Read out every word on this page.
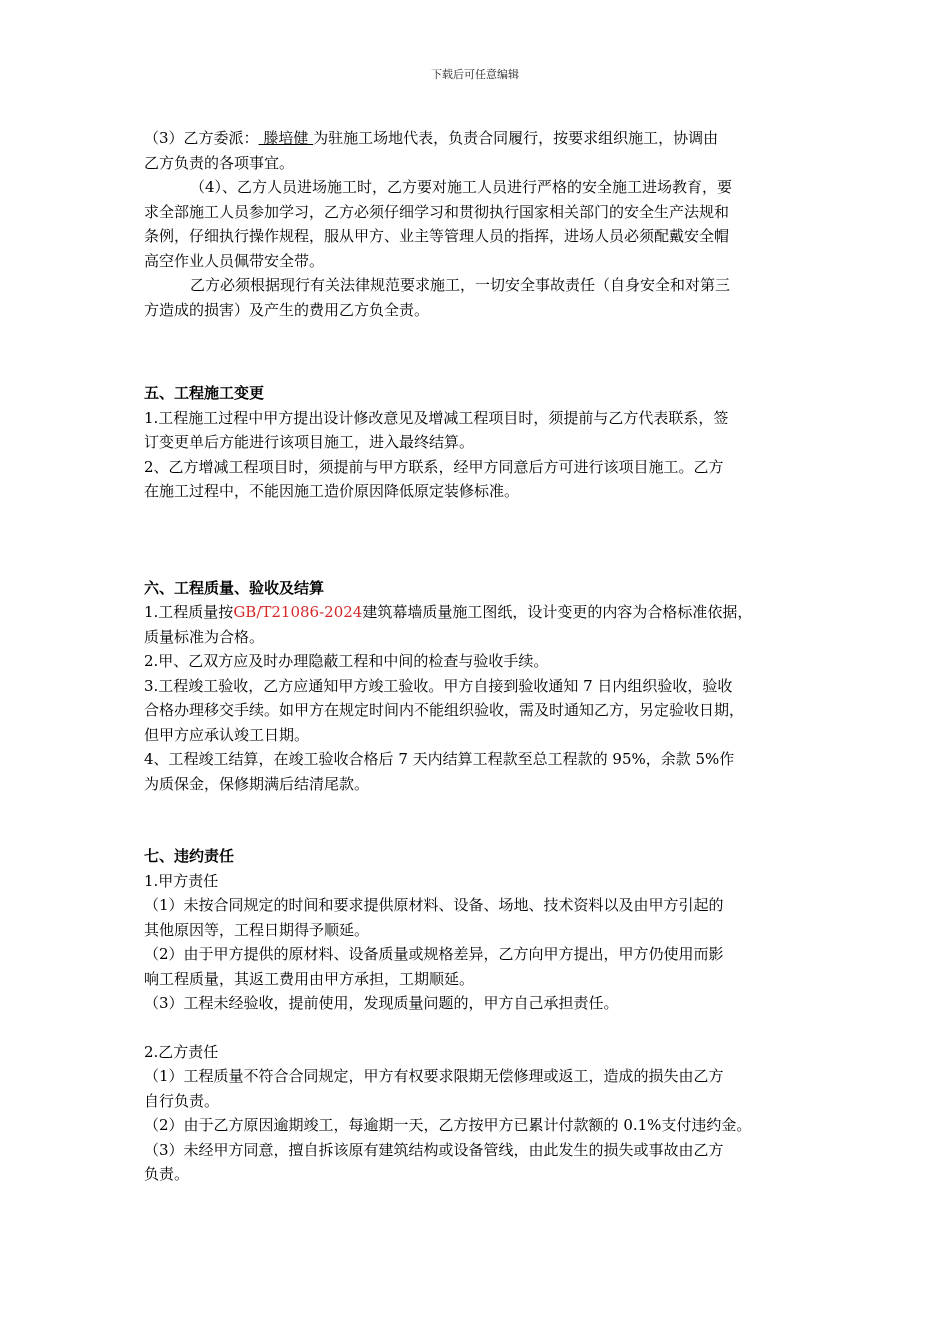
下载后可任意编辑
（3）乙方委派： 滕培健 为驻施工场地代表，负责合同履行，按要求组织施工，协调由
乙方负责的各项事宜。
（4）、乙方人员进场施工时，乙方要对施工人员进行严格的安全施工进场教育，要
求全部施工人员参加学习，乙方必须仔细学习和贯彻执行国家相关部门的安全生产法规和
条例，仔细执行操作规程，服从甲方、业主等管理人员的指挥，进场人员必须配戴安全帽
高空作业人员佩带安全带。
乙方必须根据现行有关法律规范要求施工，一切安全事故责任（自身安全和对第三
方造成的损害）及产生的费用乙方负全责。
五、工程施工变更
1.工程施工过程中甲方提出设计修改意见及增减工程项目时，须提前与乙方代表联系，签
订变更单后方能进行该项目施工，进入最终结算。
2、乙方增减工程项目时，须提前与甲方联系，经甲方同意后方可进行该项目施工。乙方
在施工过程中，不能因施工造价原因降低原定装修标准。
六、工程质量、验收及结算
1.工程质量按GB/T21086-2024建筑幕墙质量施工图纸，设计变更的内容为合格标准依据，
质量标准为合格。
2.甲、乙双方应及时办理隐蔽工程和中间的检查与验收手续。
3.工程竣工验收，乙方应通知甲方竣工验收。甲方自接到验收通知 7 日内组织验收，验收
合格办理移交手续。如甲方在规定时间内不能组织验收，需及时通知乙方，另定验收日期，
但甲方应承认竣工日期。
4、工程竣工结算，在竣工验收合格后 7 天内结算工程款至总工程款的 95%，余款 5%作
为质保金，保修期满后结清尾款。
七、违约责任
1.甲方责任
（1）未按合同规定的时间和要求提供原材料、设备、场地、技术资料以及由甲方引起的
其他原因等，工程日期得予顺延。
（2）由于甲方提供的原材料、设备质量或规格差异，乙方向甲方提出，甲方仍使用而影
响工程质量，其返工费用由甲方承担，工期顺延。
（3）工程未经验收，提前使用，发现质量问题的，甲方自己承担责任。
2.乙方责任
（1）工程质量不符合合同规定，甲方有权要求限期无偿修理或返工，造成的损失由乙方
自行负责。
（2）由于乙方原因逾期竣工，每逾期一天，乙方按甲方已累计付款额的 0.1%支付违约金。
（3）未经甲方同意，擅自拆该原有建筑结构或设备管线，由此发生的损失或事故由乙方
负责。
